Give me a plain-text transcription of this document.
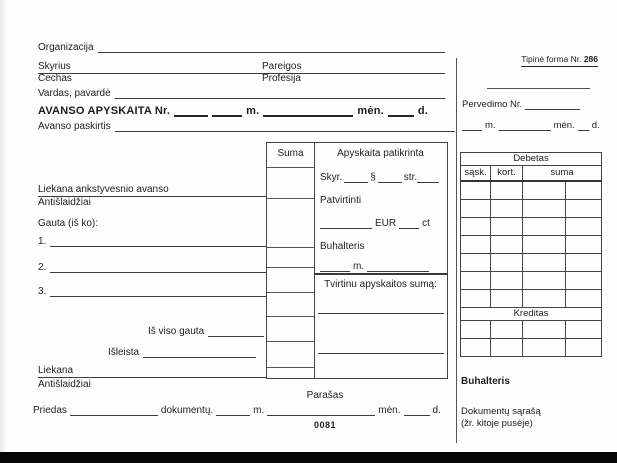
Organizacija
Skyrius	Pareigos
Cechas	Profesija
Vardas, pavardė
AVANSO APYSKAITA Nr.	m.	mėn.	d.
Avanso paskirtis
Liekana ankstyvesnio avanso
Antišlaidžiai
Gauta (iš ko):
1.
2.
3.
Iš viso gauta
Išleista
Liekana
Antišlaidžiai
Suma	Apyskaita patikrinta
Skyr.	§	str.
Patvirtinti
EUR	ct
Buhalteris
m.
Tvirtinu apyskaitos sumą:
Parašas
Priedas	dokumentų.	m.	mėn.	d.
0081
Tipinė forma Nr. 286
Pervedimo Nr.
m.	mėn. d.
Debetas			
sąsk.	kort.	suma	

Kreditas			

Buhalteris
Dokumentų sąrašą
(žr. kitoje pusėje)
